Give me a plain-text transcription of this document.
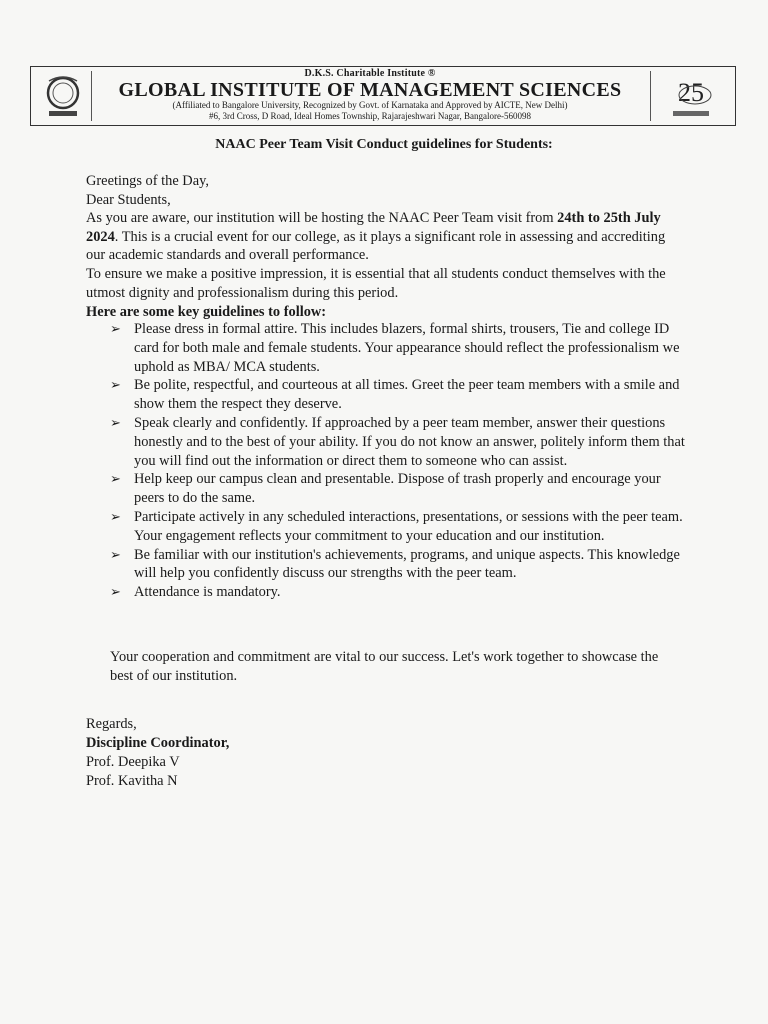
D.K.S. Charitable Institute ®
GLOBAL INSTITUTE OF MANAGEMENT SCIENCES
(Affiliated to Bangalore University, Recognized by Govt. of Karnataka and Approved by AICTE, New Delhi)
#6, 3rd Cross, D Road, Ideal Homes Township, Rajarajeshwari Nagar, Bangalore-560098
25
NAAC Peer Team Visit Conduct guidelines for Students:

Greetings of the Day,

Dear Students,

As you are aware, our institution will be hosting the NAAC Peer Team visit from 24th to 25th July 2024. This is a crucial event for our college, as it plays a significant role in assessing and accrediting our academic standards and overall performance.

To ensure we make a positive impression, it is essential that all students conduct themselves with the utmost dignity and professionalism during this period.

Here are some key guidelines to follow:
➢ Please dress in formal attire. This includes blazers, formal shirts, trousers, Tie and college ID card for both male and female students. Your appearance should reflect the professionalism we uphold as MBA/ MCA students.
➢ Be polite, respectful, and courteous at all times. Greet the peer team members with a smile and show them the respect they deserve.
➢ Speak clearly and confidently. If approached by a peer team member, answer their questions honestly and to the best of your ability. If you do not know an answer, politely inform them that you will find out the information or direct them to someone who can assist.
➢ Help keep our campus clean and presentable. Dispose of trash properly and encourage your peers to do the same.
➢ Participate actively in any scheduled interactions, presentations, or sessions with the peer team. Your engagement reflects your commitment to your education and our institution.
➢ Be familiar with our institution's achievements, programs, and unique aspects. This knowledge will help you confidently discuss our strengths with the peer team.
➢ Attendance is mandatory.
Your cooperation and commitment are vital to our success. Let's work together to showcase the best of our institution.
Regards,
Discipline Coordinator,
Prof. Deepika V
Prof. Kavitha N
